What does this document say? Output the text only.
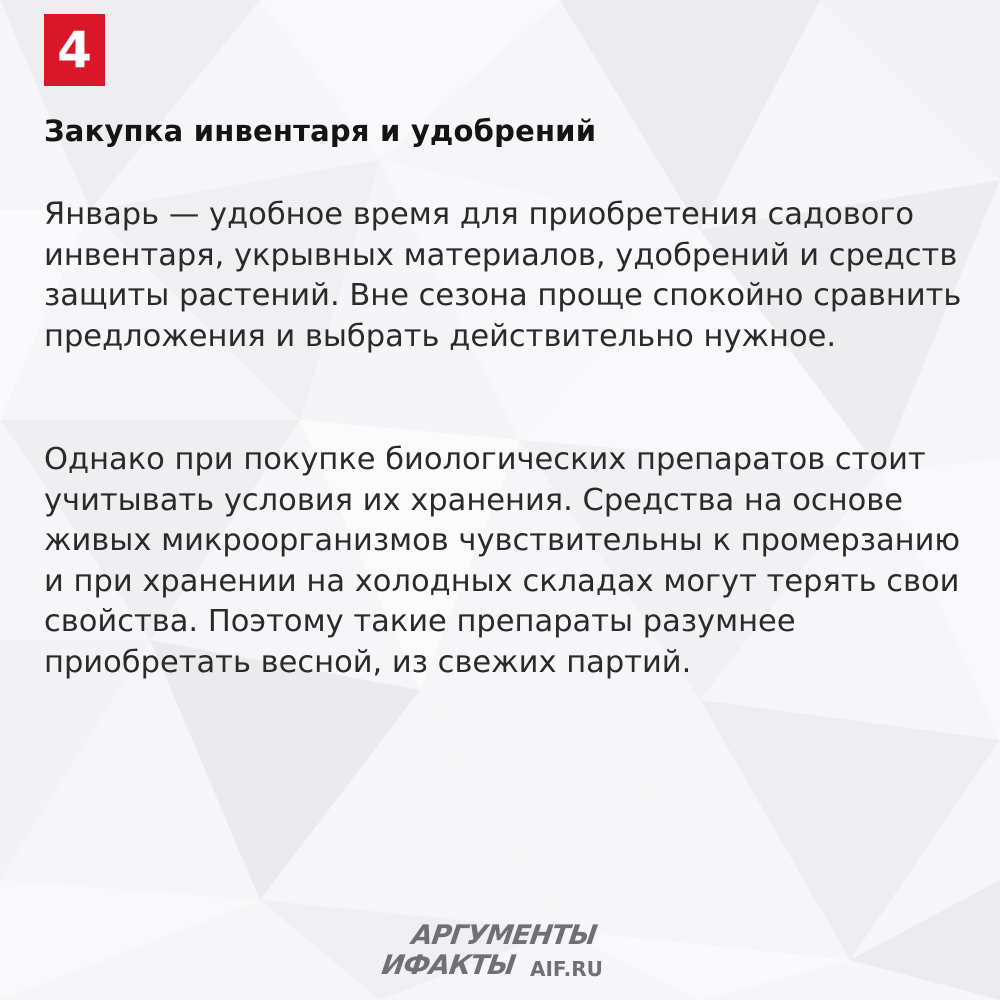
4
Закупка инвентаря и удобрений

Январь — удобное время для приобретения садового инвентаря, укрывных материалов, удобрений и средств защиты растений. Вне сезона проще спокойно сравнить предложения и выбрать действительно нужное.

Однако при покупке биологических препаратов стоит учитывать условия их хранения. Средства на основе живых микроорганизмов чувствительны к промерзанию и при хранении на холодных складах могут терять свои свойства. Поэтому такие препараты разумнее приобретать весной, из свежих партий.

АРГУМЕНТЫ
ИФАКТЫ AIF.RU
